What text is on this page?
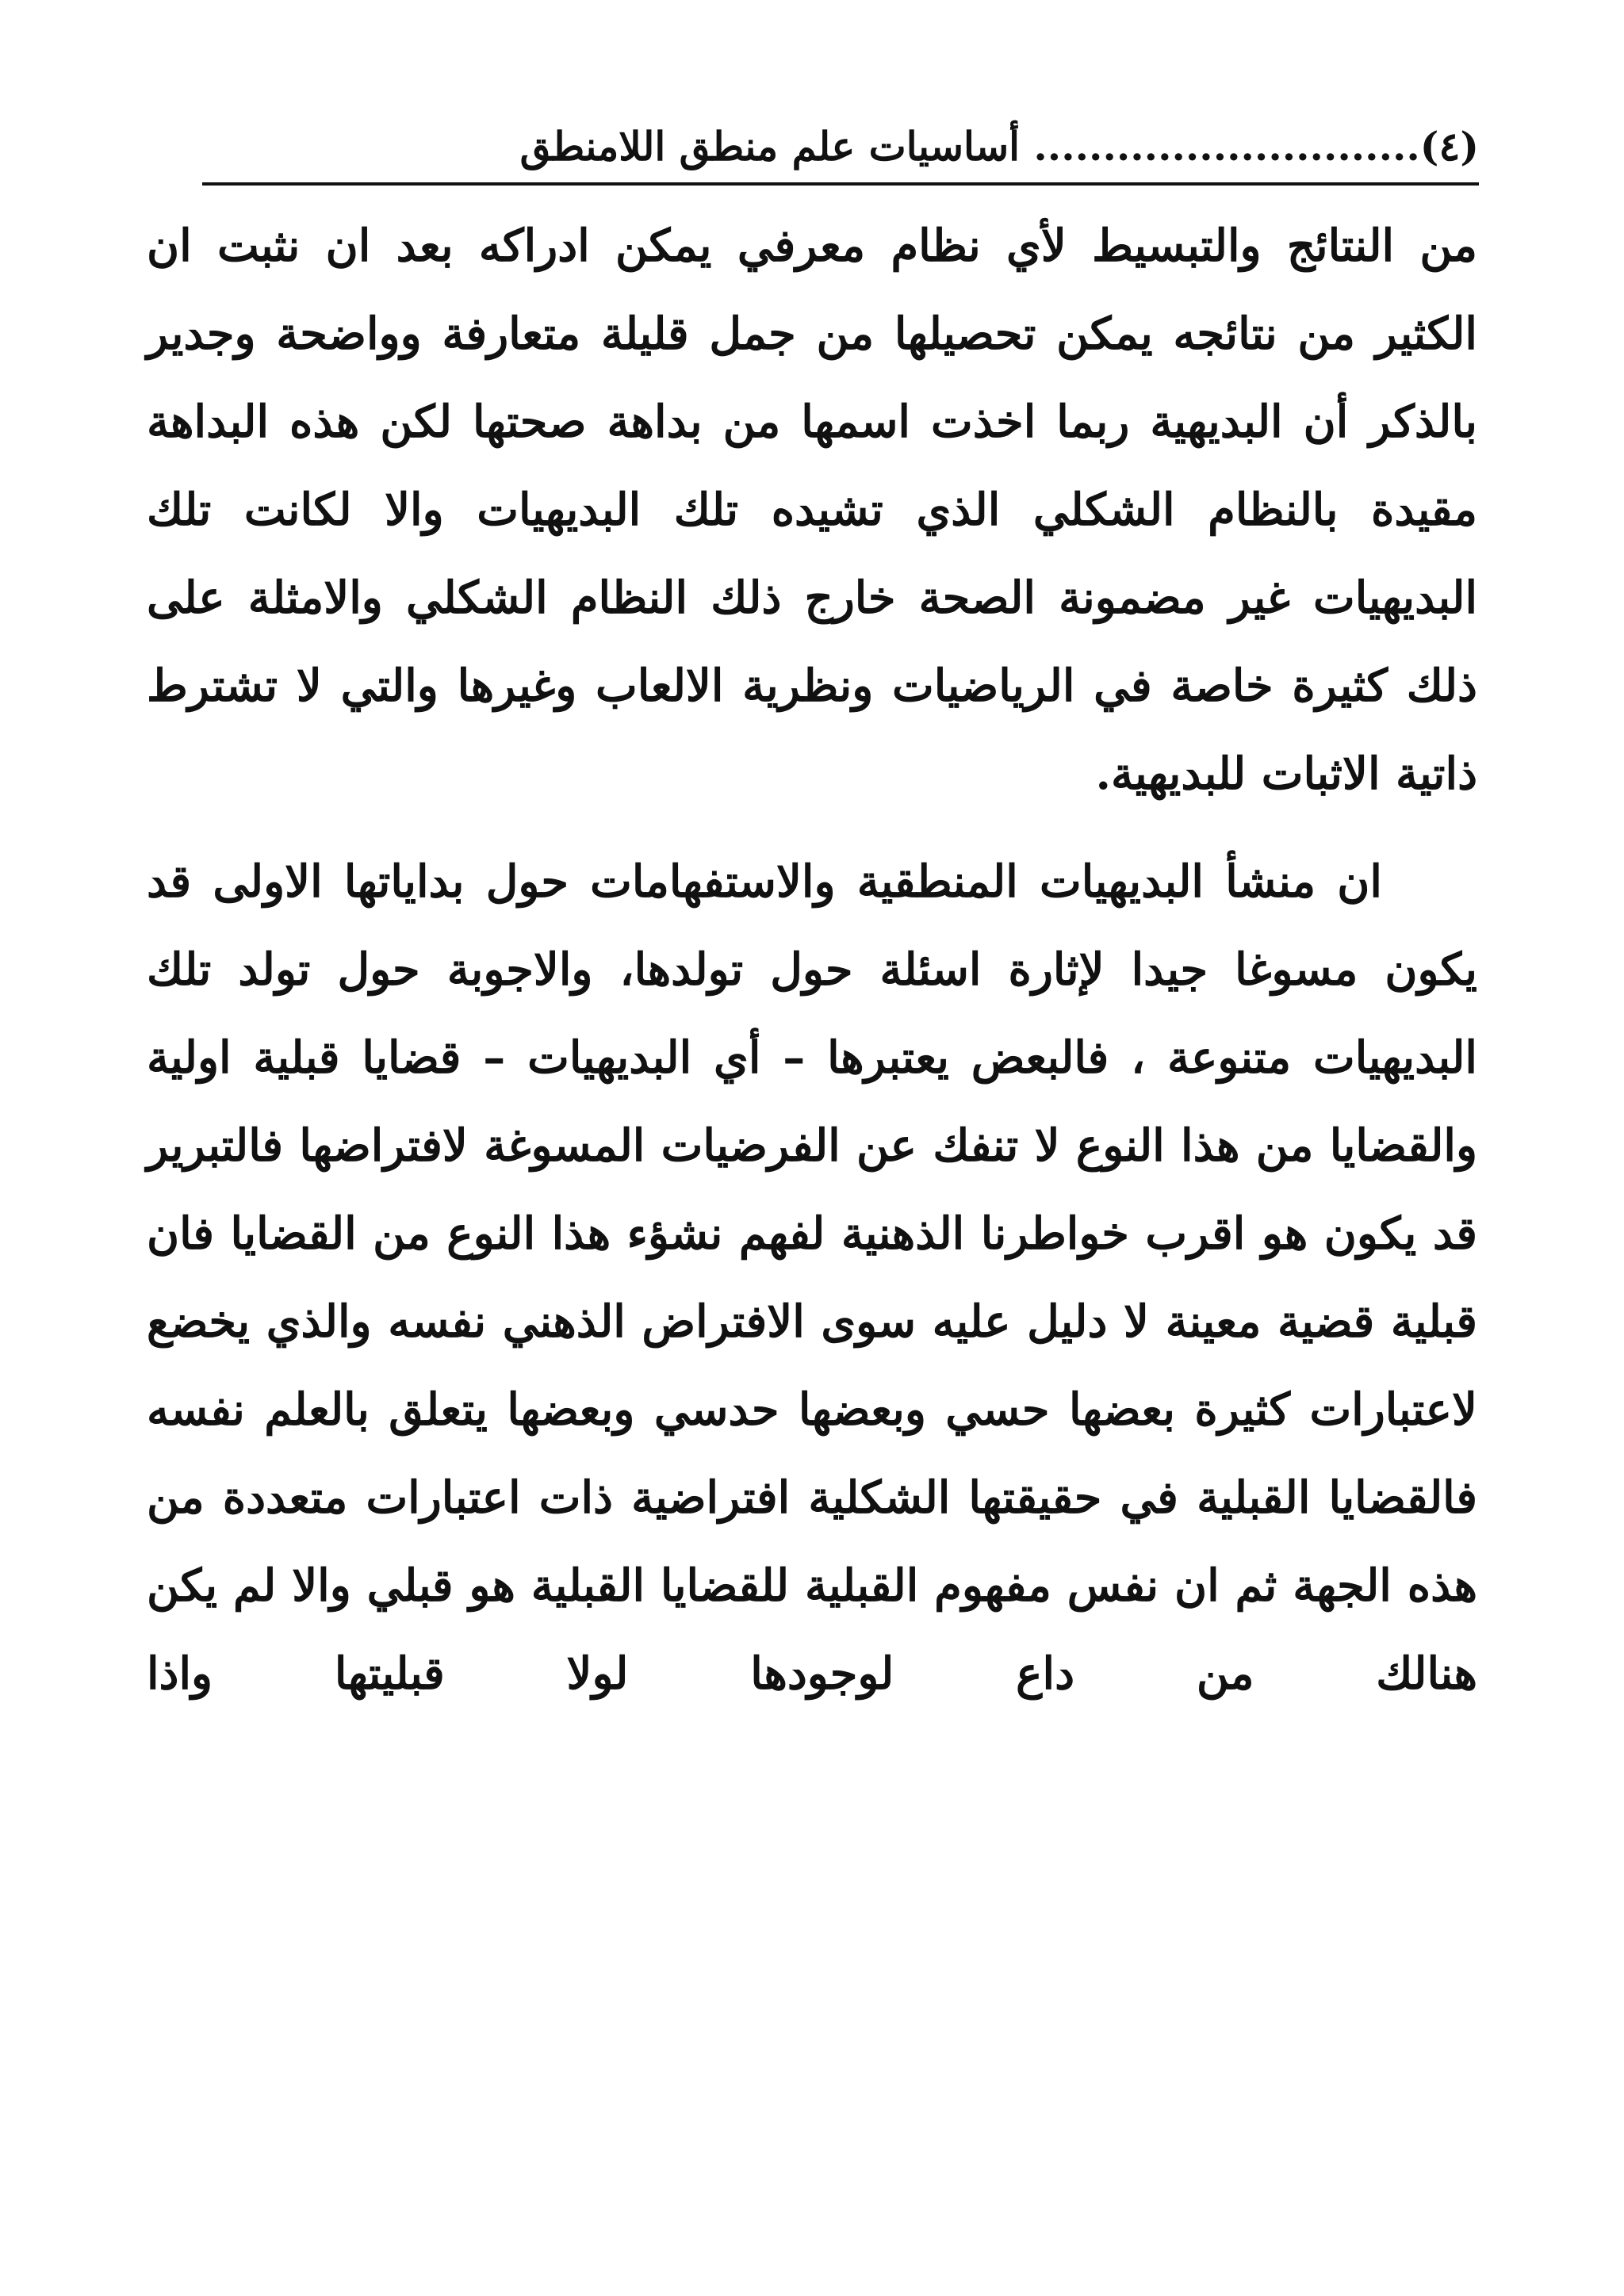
(٤)............................ أساسيات علم منطق اللامنطق

من النتائج والتبسيط لأي نظام معرفي يمكن ادراكه بعد ان نثبت ان الكثير من نتائجه يمكن تحصيلها من جمل قليلة متعارفة وواضحة وجدير بالذكر أن البديهية ربما اخذت اسمها من بداهة صحتها لكن هذه البداهة مقيدة بالنظام الشكلي الذي تشيده تلك البديهيات والا لكانت تلك البديهيات غير مضمونة الصحة خارج ذلك النظام الشكلي والامثلة على ذلك كثيرة خاصة في الرياضيات ونظرية الالعاب وغيرها والتي لا تشترط ذاتية الاثبات للبديهية.

ان منشأ البديهيات المنطقية والاستفهامات حول بداياتها الاولى قد يكون مسوغا جيدا لإثارة اسئلة حول تولدها، والاجوبة حول تولد تلك البديهيات متنوعة ، فالبعض يعتبرها – أي البديهيات – قضايا قبلية اولية والقضايا من هذا النوع لا تنفك عن الفرضيات المسوغة لافتراضها فالتبرير قد يكون هو اقرب خواطرنا الذهنية لفهم نشؤء هذا النوع من القضايا فان قبلية قضية معينة لا دليل عليه سوى الافتراض الذهني نفسه والذي يخضع لاعتبارات كثيرة بعضها حسي وبعضها حدسي وبعضها يتعلق بالعلم نفسه فالقضايا القبلية في حقيقتها الشكلية افتراضية ذات اعتبارات متعددة من هذه الجهة ثم ان نفس مفهوم القبلية للقضايا القبلية هو قبلي والا لم يكن هنالك من داع لوجودها لولا قبليتها واذا
